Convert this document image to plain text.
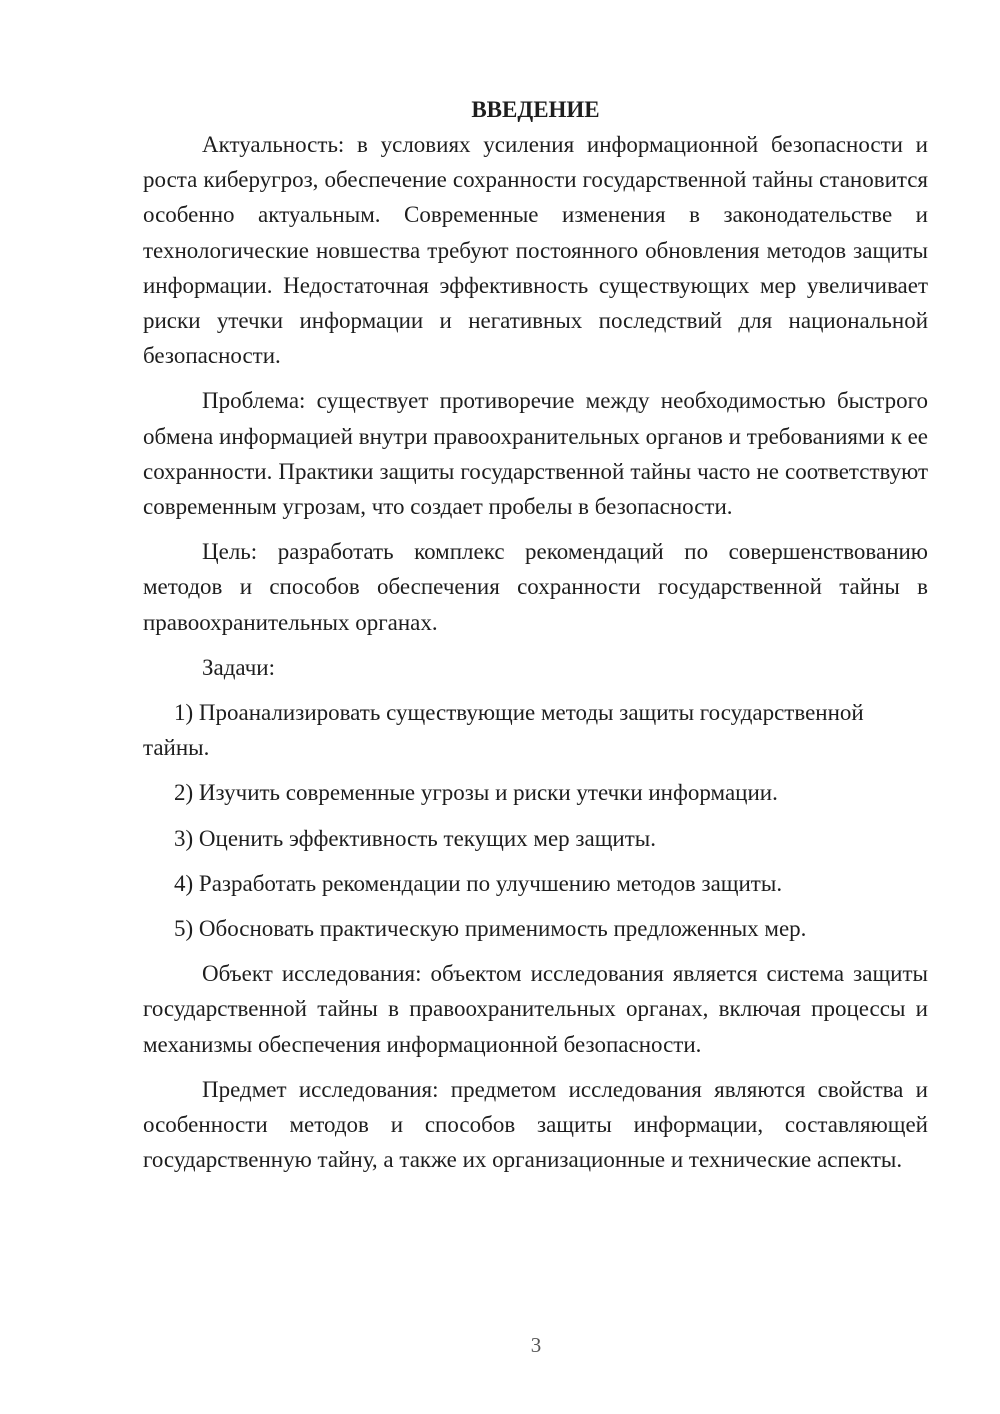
ВВЕДЕНИЕ

Актуальность: в условиях усиления информационной безопасности и роста киберугроз, обеспечение сохранности государственной тайны становится особенно актуальным. Современные изменения в законодательстве и технологические новшества требуют постоянного обновления методов защиты информации. Недостаточная эффективность существующих мер увеличивает риски утечки информации и негативных последствий для национальной безопасности.

Проблема: существует противоречие между необходимостью быстрого обмена информацией внутри правоохранительных органов и требованиями к ее сохранности. Практики защиты государственной тайны часто не соответствуют современным угрозам, что создает пробелы в безопасности.

Цель: разработать комплекс рекомендаций по совершенствованию методов и способов обеспечения сохранности государственной тайны в правоохранительных органах.

Задачи:

1) Проанализировать существующие методы защиты государственной тайны.

2) Изучить современные угрозы и риски утечки информации.

3) Оценить эффективность текущих мер защиты.

4) Разработать рекомендации по улучшению методов защиты.

5) Обосновать практическую применимость предложенных мер.

Объект исследования: объектом исследования является система защиты государственной тайны в правоохранительных органах, включая процессы и механизмы обеспечения информационной безопасности.

Предмет исследования: предметом исследования являются свойства и особенности методов и способов защиты информации, составляющей государственную тайну, а также их организационные и технические аспекты.

3
